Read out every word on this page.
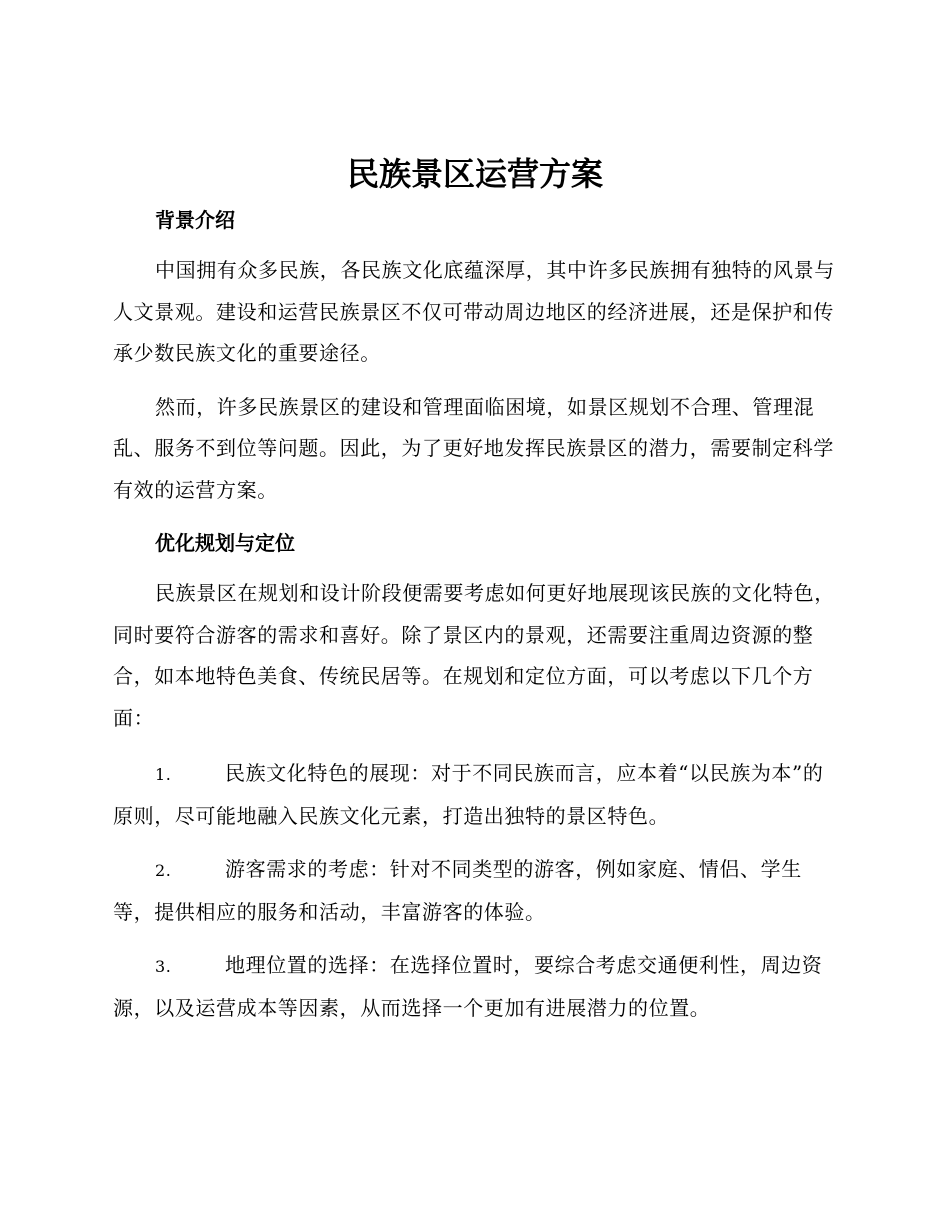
民族景区运营方案

背景介绍

中国拥有众多民族，各民族文化底蕴深厚，其中许多民族拥有独特的风景与人文景观。建设和运营民族景区不仅可带动周边地区的经济进展，还是保护和传承少数民族文化的重要途径。

然而，许多民族景区的建设和管理面临困境，如景区规划不合理、管理混乱、服务不到位等问题。因此，为了更好地发挥民族景区的潜力，需要制定科学有效的运营方案。

优化规划与定位

民族景区在规划和设计阶段便需要考虑如何更好地展现该民族的文化特色，同时要符合游客的需求和喜好。除了景区内的景观，还需要注重周边资源的整合，如本地特色美食、传统民居等。在规划和定位方面，可以考虑以下几个方面：

1.	民族文化特色的展现：对于不同民族而言，应本着“以民族为本”的原则，尽可能地融入民族文化元素，打造出独特的景区特色。

2.	游客需求的考虑：针对不同类型的游客，例如家庭、情侣、学生等，提供相应的服务和活动，丰富游客的体验。

3.	地理位置的选择：在选择位置时，要综合考虑交通便利性，周边资源，以及运营成本等因素，从而选择一个更加有进展潜力的位置。
